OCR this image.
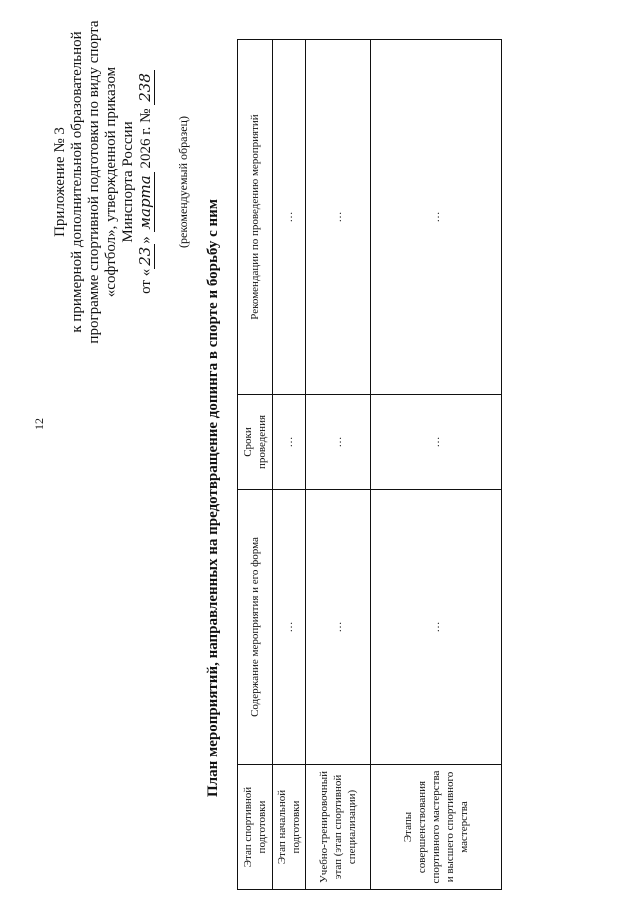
12
Приложение № 3 к примерной дополнительной образовательной программе спортивной подготовки по виду спорта «софтбол», утвержденной приказом Минспорта России
от «23» марта 2026 г. № 238
(рекомендуемый образец)
План мероприятий, направленных на предотвращение допинга в спорте и борьбу с ним
Этап спортивной подготовки	Содержание мероприятия и его форма	Сроки проведения	Рекомендации по проведению мероприятий
Этап начальной подготовки	…	…	…
Учебно-тренировочный этап (этап спортивной специализации)	…	…	…
Этапы совершенствования спортивного мастерства и высшего спортивного мастерства	…	…	…
